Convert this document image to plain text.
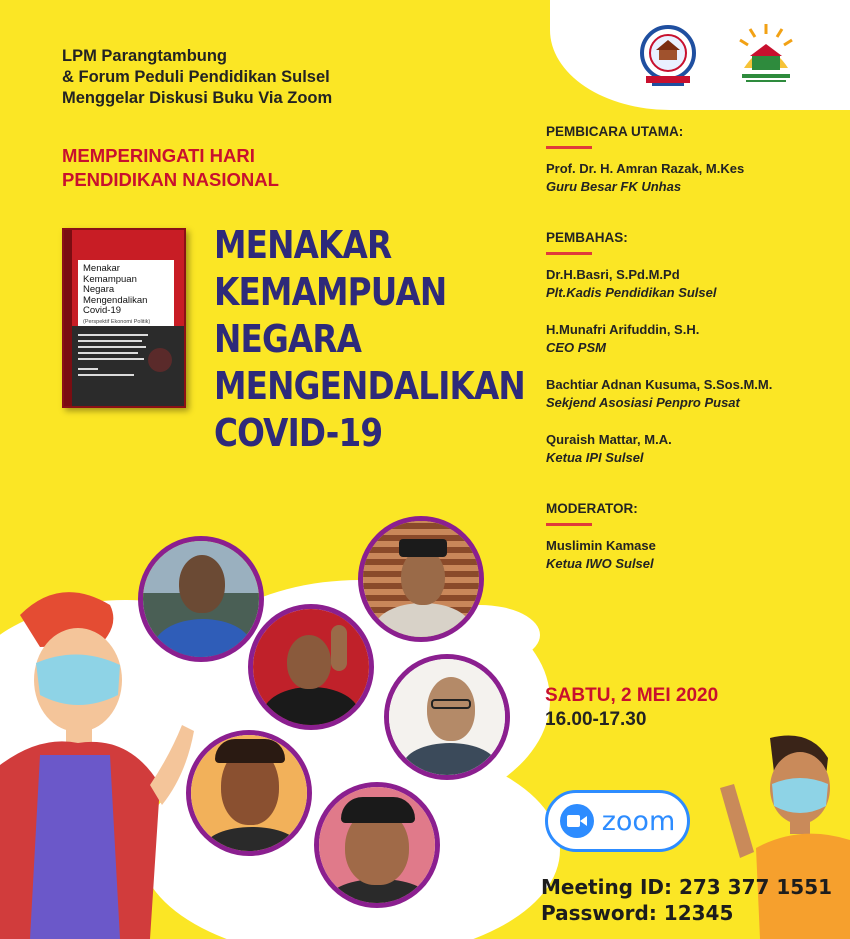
LPM Parangtambung
& Forum Peduli Pendidikan Sulsel
Menggelar Diskusi Buku Via Zoom
MEMPERINGATI HARI
PENDIDIKAN NASIONAL
Menakar Kemampuan Negara Mengendalikan Covid-19
(Perspektif Ekonomi Politik)
MENAKAR
KEMAMPUAN
NEGARA
MENGENDALIKAN
COVID-19
PEMBICARA UTAMA:
Prof. Dr. H. Amran Razak, M.Kes
Guru Besar FK Unhas
PEMBAHAS:
Dr.H.Basri, S.Pd.M.Pd
Plt.Kadis Pendidikan Sulsel
H.Munafri Arifuddin, S.H.
CEO PSM
Bachtiar Adnan Kusuma, S.Sos.M.M.
Sekjend Asosiasi Penpro Pusat
Quraish Mattar, M.A.
Ketua IPI Sulsel
MODERATOR:
Muslimin Kamase
Ketua IWO Sulsel
SABTU, 2 MEI 2020
16.00-17.30
zoom
Meeting ID: 273 377 1551
Password: 12345
